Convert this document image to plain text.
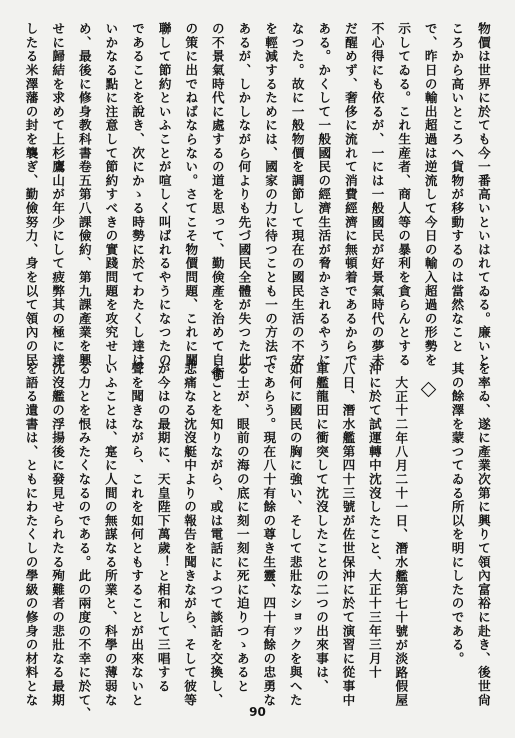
物價は世界に於ても今一番高いといはれてゐる。廉いと
ころから高いところへ貨物が移動するのは當然なこと
で、昨日の輸出超過は逆流して今日の輸入超過の形勢を
示してゐる。これ生産者、商人等の暴利を貪らんとする
不心得にも依るが、一には一般國民が好景氣時代の夢未
だ醒めず、奢侈に流れて消費經濟に無頓着であるからで
ある。かくして一般國民の經濟生活が脅かされるやうに
なつた。故に一般物價を調節して現在の國民生活の不安
を輕減するためには、國家の力に待つことも一の方法で
あるが、しかしながら何よりも先づ國民全體が失つた此
の不景氣時代に處するの道を思って、勤倹產を治めて自衛
の策に出でねばならない。さてこそ物價問題、これに關
聯して節約といふことが喧しく叫ばれるやうになつたの
であることを說き、次にかゝる時勢に於てわたくし達は
いかなる點に注意して節約すべきの實踐問題を攻究せし
め、最後に修身教科書卷五第八課儉約、第九課產業を興
せに歸結を求めて上杉鷹山が年少にして疲弊其の極に達
したる米澤藩の封を襲ぎ、勤儉努力、身を以て領內の民
を率ゐ、遂に產業次第に興りて領內富裕に赴き、後世尙
其の餘澤を蒙つてゐる所以を明にしたのである。
大正十二年八月二十一日、潛水艦第七十號が淡路假屋
沖に於て試運轉中沈沒したこと、大正十三年三月十
八日、潛水艦第四十三號が佐世保沖に於て演習に從事中
軍艦龍田に衝突して沈沒したことの二つの出來事は、
如何に國民の胸に強い、そして悲壯なショックを與へた
であらう。現在八十有餘の尊き生靈、四十有餘の忠勇な
る士が、眼前の海の底に刻一刻に死に迫りつゝあると
ふことを知りながら、或は電話によつて談話を交換し、
悲痛なる沈沒艇中よりの報告を聞きながら、そして彼等
が今はの最期に、天皇陛下萬歲！と相和して三唱する
聲を聞きながら、これを如何ともすることが出來ないと
いふことは、寔に人間の無謀なる所業と、科學の薄弱な
る力とを恨みたくなるのである。此の兩度の不幸に於て、
沈沒艦の浮揚後に發見せられたる殉難者の悲壯なる最期
を語る遺書は、ともにわたくしの學級の修身の材料とな
90
